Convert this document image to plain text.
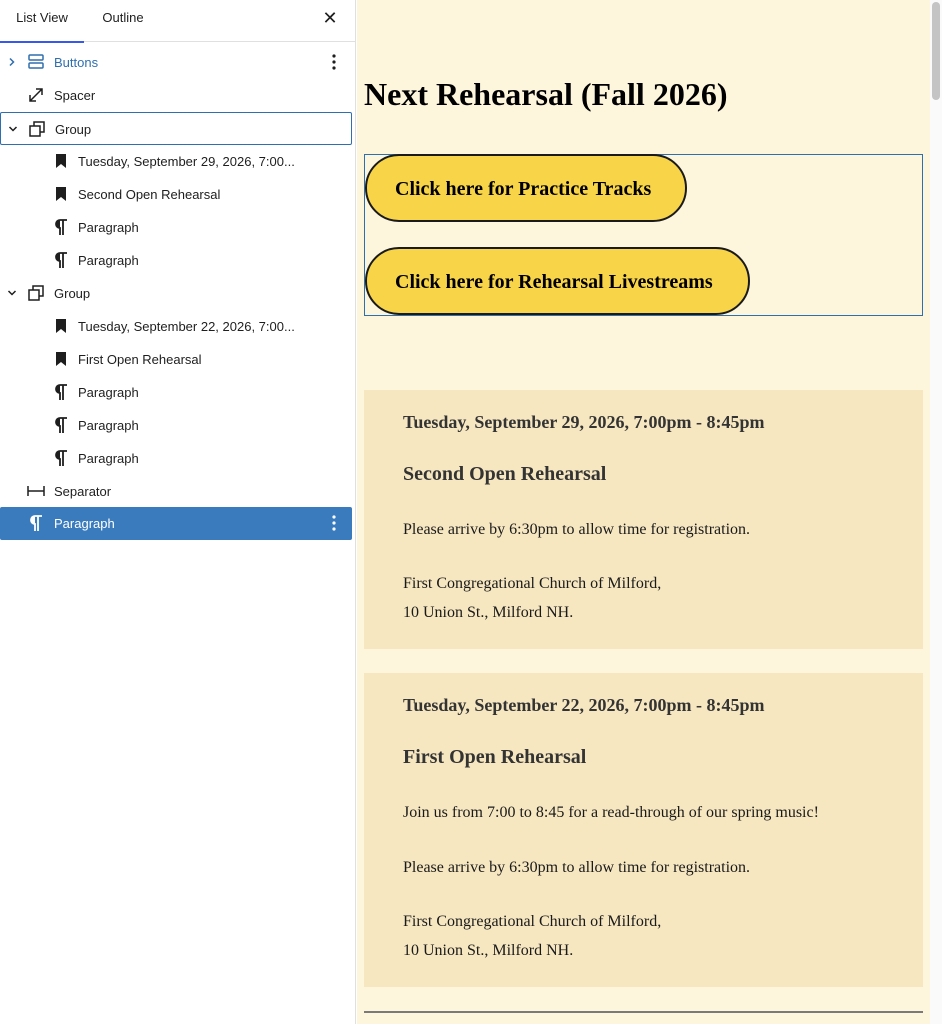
List View	Outline	✕
Buttons
Spacer
Group
Tuesday, September 29, 2026, 7:00...
Second Open Rehearsal
Paragraph
Paragraph
Group
Tuesday, September 22, 2026, 7:00...
First Open Rehearsal
Paragraph
Paragraph
Paragraph
Separator
Paragraph
Next Rehearsal (Fall 2026)
Click here for Practice Tracks
Click here for Rehearsal Livestreams
Tuesday, September 29, 2026, 7:00pm - 8:45pm
Second Open Rehearsal
Please arrive by 6:30pm to allow time for registration.
First Congregational Church of Milford,
10 Union St., Milford NH.
Tuesday, September 22, 2026, 7:00pm - 8:45pm
First Open Rehearsal
Join us from 7:00 to 8:45 for a read-through of our spring music!
Please arrive by 6:30pm to allow time for registration.
First Congregational Church of Milford,
10 Union St., Milford NH.
